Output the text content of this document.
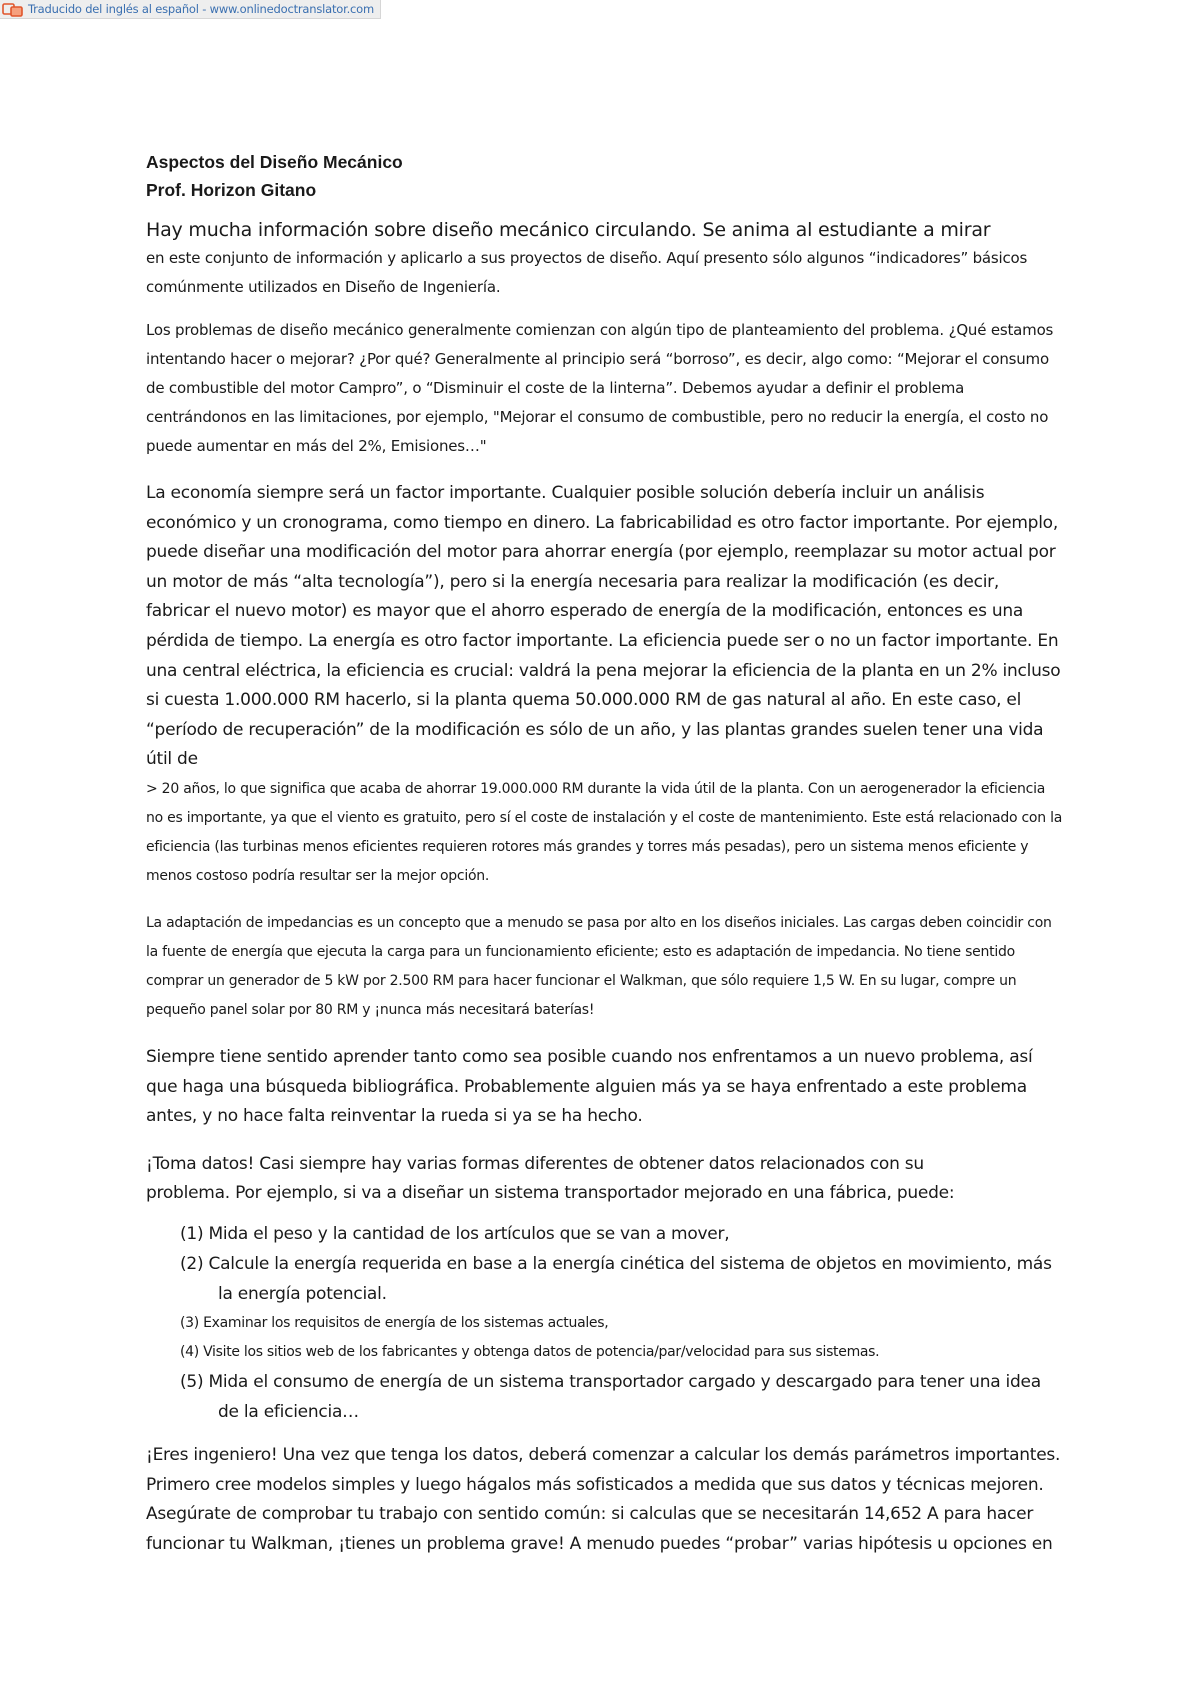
Traducido del inglés al español - www.onlinedoctranslator.com

Aspectos del Diseño Mecánico

Prof. Horizon Gitano

Hay mucha información sobre diseño mecánico circulando. Se anima al estudiante a mirar

en este conjunto de información y aplicarlo a sus proyectos de diseño. Aquí presento sólo algunos “indicadores” básicos comúnmente utilizados en Diseño de Ingeniería.

Los problemas de diseño mecánico generalmente comienzan con algún tipo de planteamiento del problema. ¿Qué estamos intentando hacer o mejorar? ¿Por qué? Generalmente al principio será “borroso”, es decir, algo como: “Mejorar el consumo de combustible del motor Campro”, o “Disminuir el coste de la linterna”. Debemos ayudar a definir el problema centrándonos en las limitaciones, por ejemplo, "Mejorar el consumo de combustible, pero no reducir la energía, el costo no puede aumentar en más del 2%, Emisiones…"

La economía siempre será un factor importante. Cualquier posible solución debería incluir un análisis económico y un cronograma, como tiempo en dinero. La fabricabilidad es otro factor importante. Por ejemplo, puede diseñar una modificación del motor para ahorrar energía (por ejemplo, reemplazar su motor actual por un motor de más “alta tecnología”), pero si la energía necesaria para realizar la modificación (es decir, fabricar el nuevo motor) es mayor que el ahorro esperado de energía de la modificación, entonces es una pérdida de tiempo. La energía es otro factor importante. La eficiencia puede ser o no un factor importante. En una central eléctrica, la eficiencia es crucial: valdrá la pena mejorar la eficiencia de la planta en un 2% incluso si cuesta 1.000.000 RM hacerlo, si la planta quema 50.000.000 RM de gas natural al año. En este caso, el “período de recuperación” de la modificación es sólo de un año, y las plantas grandes suelen tener una vida útil de

> 20 años, lo que significa que acaba de ahorrar 19.000.000 RM durante la vida útil de la planta. Con un aerogenerador la eficiencia no es importante, ya que el viento es gratuito, pero sí el coste de instalación y el coste de mantenimiento. Este está relacionado con la eficiencia (las turbinas menos eficientes requieren rotores más grandes y torres más pesadas), pero un sistema menos eficiente y menos costoso podría resultar ser la mejor opción.

La adaptación de impedancias es un concepto que a menudo se pasa por alto en los diseños iniciales. Las cargas deben coincidir con la fuente de energía que ejecuta la carga para un funcionamiento eficiente; esto es adaptación de impedancia. No tiene sentido comprar un generador de 5 kW por 2.500 RM para hacer funcionar el Walkman, que sólo requiere 1,5 W. En su lugar, compre un pequeño panel solar por 80 RM y ¡nunca más necesitará baterías!

Siempre tiene sentido aprender tanto como sea posible cuando nos enfrentamos a un nuevo problema, así que haga una búsqueda bibliográfica. Probablemente alguien más ya se haya enfrentado a este problema antes, y no hace falta reinventar la rueda si ya se ha hecho.

¡Toma datos! Casi siempre hay varias formas diferentes de obtener datos relacionados con su

problema. Por ejemplo, si va a diseñar un sistema transportador mejorado en una fábrica, puede:

(1) Mida el peso y la cantidad de los artículos que se van a mover,

(2) Calcule la energía requerida en base a la energía cinética del sistema de objetos en movimiento, más la energía potencial.

(3) Examinar los requisitos de energía de los sistemas actuales,

(4) Visite los sitios web de los fabricantes y obtenga datos de potencia/par/velocidad para sus sistemas.

(5) Mida el consumo de energía de un sistema transportador cargado y descargado para tener una idea de la eficiencia…

¡Eres ingeniero! Una vez que tenga los datos, deberá comenzar a calcular los demás parámetros importantes. Primero cree modelos simples y luego hágalos más sofisticados a medida que sus datos y técnicas mejoren. Asegúrate de comprobar tu trabajo con sentido común: si calculas que se necesitarán 14,652 A para hacer funcionar tu Walkman, ¡tienes un problema grave! A menudo puedes “probar” varias hipótesis u opciones en
